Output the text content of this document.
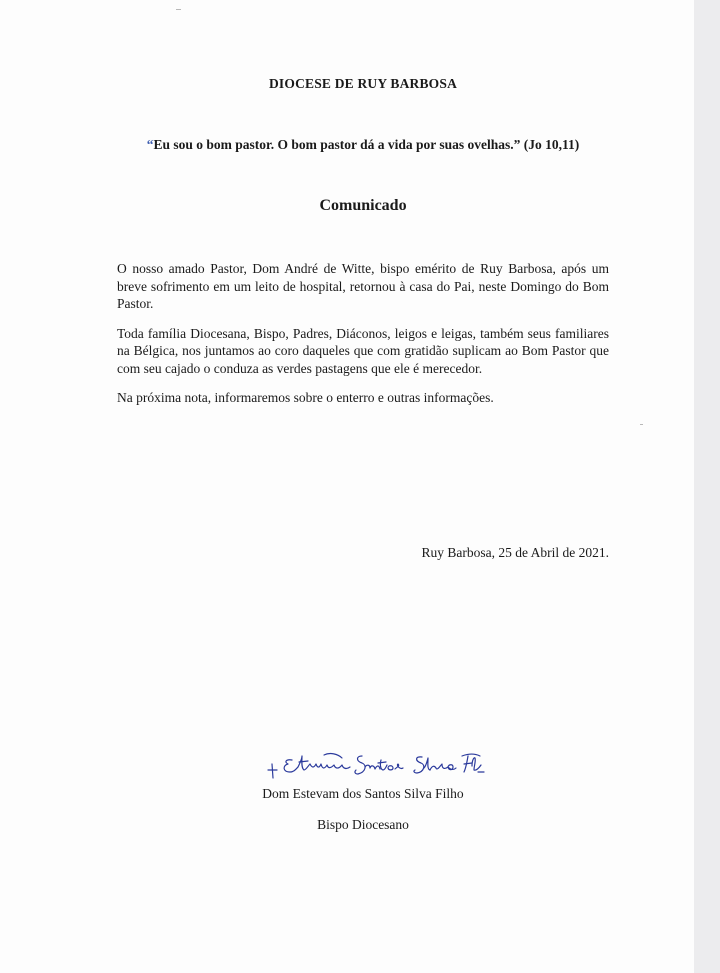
DIOCESE DE RUY BARBOSA
“Eu sou o bom pastor. O bom pastor dá a vida por suas ovelhas.” (Jo 10,11)
Comunicado

O nosso amado Pastor, Dom André de Witte, bispo emérito de Ruy Barbosa, após um breve sofrimento em um leito de hospital, retornou à casa do Pai, neste Domingo do Bom Pastor.

Toda família Diocesana, Bispo, Padres, Diáconos, leigos e leigas, também seus familiares na Bélgica, nos juntamos ao coro daqueles que com gratidão suplicam ao Bom Pastor que com seu cajado o conduza as verdes pastagens que ele é merecedor.

Na próxima nota, informaremos sobre o enterro e outras informações.

Ruy Barbosa, 25 de Abril de 2021.
Dom Estevam dos Santos Silva Filho
Bispo Diocesano
